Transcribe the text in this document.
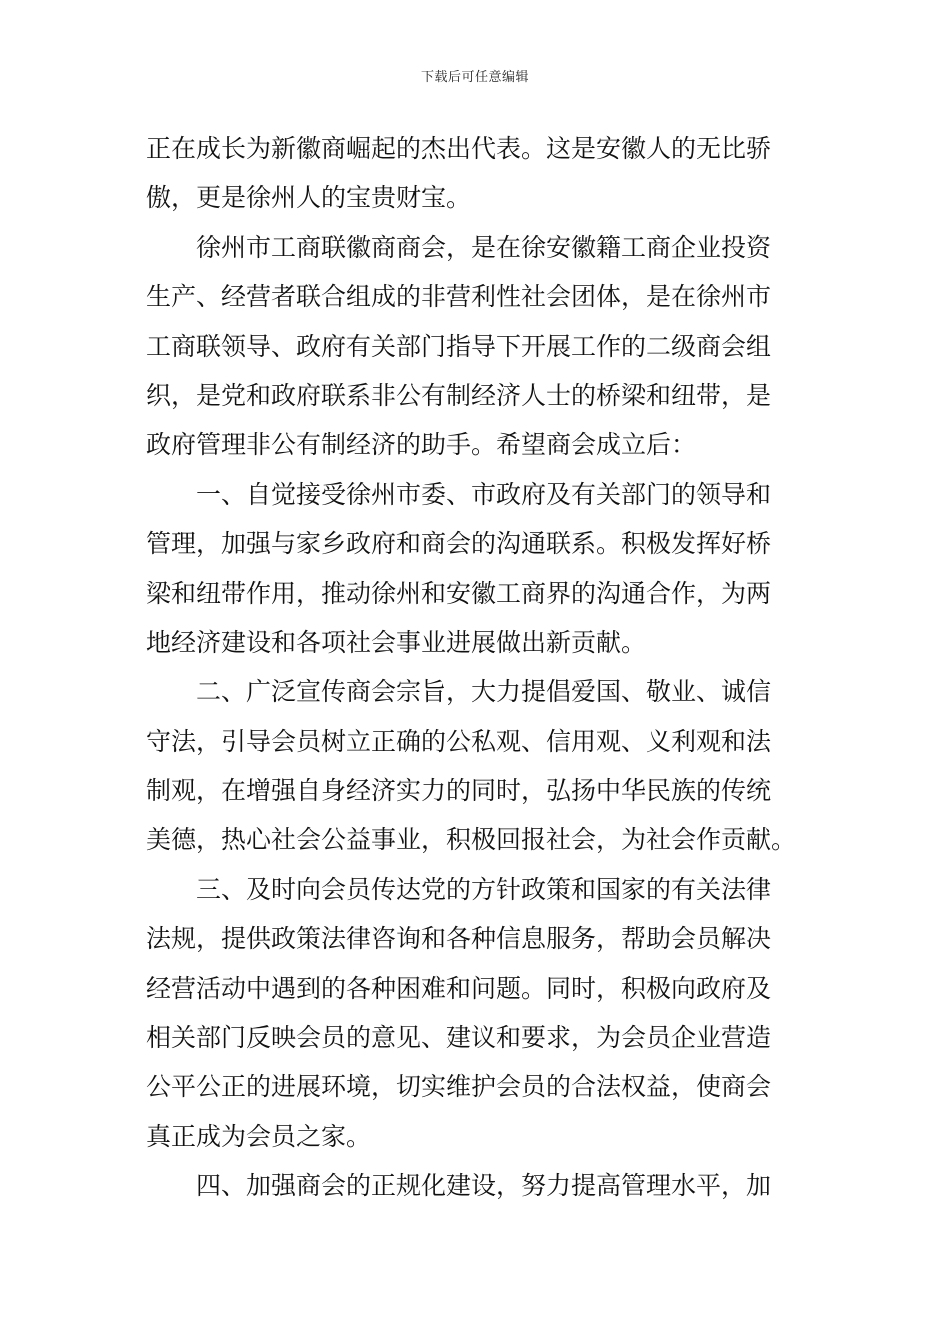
下载后可任意编辑
正在成长为新徽商崛起的杰出代表。这是安徽人的无比骄
傲，更是徐州人的宝贵财宝。
　　徐州市工商联徽商商会，是在徐安徽籍工商企业投资
生产、经营者联合组成的非营利性社会团体，是在徐州市
工商联领导、政府有关部门指导下开展工作的二级商会组
织，是党和政府联系非公有制经济人士的桥梁和纽带，是
政府管理非公有制经济的助手。希望商会成立后：
　　一、自觉接受徐州市委、市政府及有关部门的领导和
管理，加强与家乡政府和商会的沟通联系。积极发挥好桥
梁和纽带作用，推动徐州和安徽工商界的沟通合作，为两
地经济建设和各项社会事业进展做出新贡献。
　　二、广泛宣传商会宗旨，大力提倡爱国、敬业、诚信
守法，引导会员树立正确的公私观、信用观、义利观和法
制观，在增强自身经济实力的同时，弘扬中华民族的传统
美德，热心社会公益事业，积极回报社会，为社会作贡献。
　　三、及时向会员传达党的方针政策和国家的有关法律
法规，提供政策法律咨询和各种信息服务，帮助会员解决
经营活动中遇到的各种困难和问题。同时，积极向政府及
相关部门反映会员的意见、建议和要求，为会员企业营造
公平公正的进展环境，切实维护会员的合法权益，使商会
真正成为会员之家。
　　四、加强商会的正规化建设，努力提高管理水平，加
